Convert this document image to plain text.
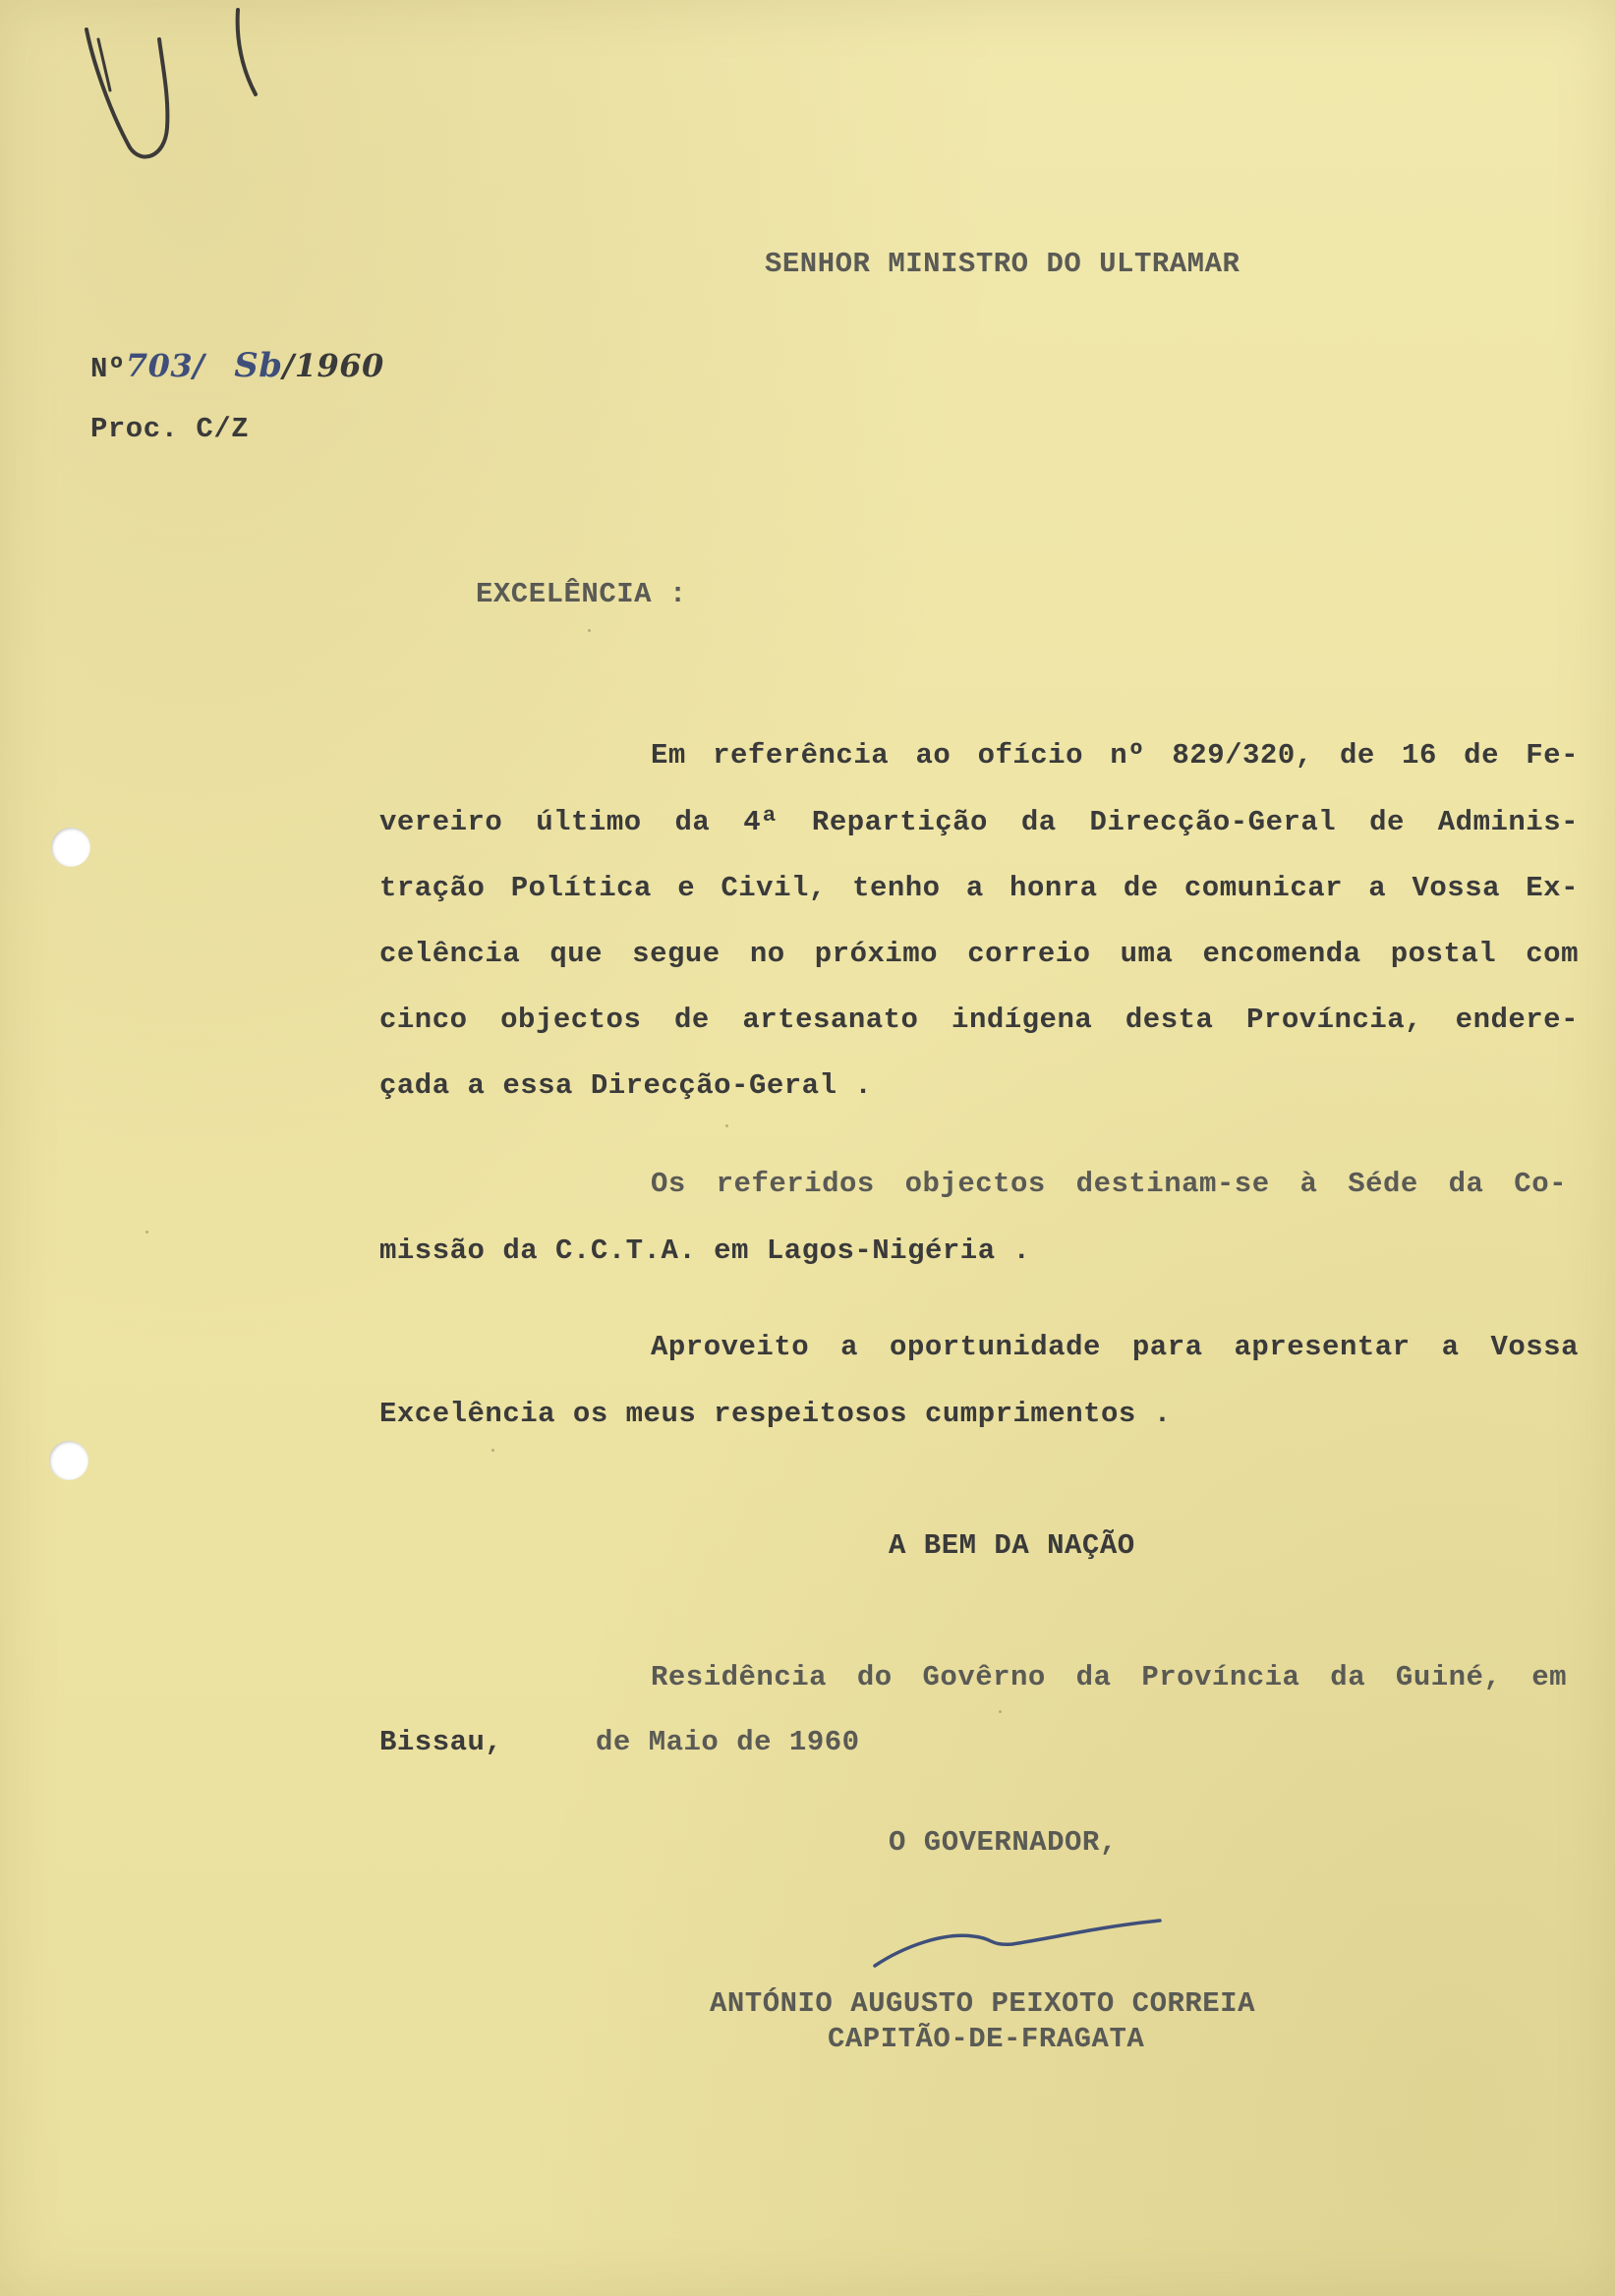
SENHOR MINISTRO DO ULTRAMAR
Nº703/ Sb/1960
Proc. C/Z
EXCELÊNCIA :
Em referência ao ofício nº 829/320, de 16 de Fe-
vereiro último da 4ª Repartição da Direcção-Geral de Adminis-
tração Política e Civil, tenho a honra de comunicar a Vossa Ex-
celência que segue no próximo correio uma encomenda postal com
cinco objectos de artesanato indígena desta Província, endere-
çada a essa Direcção-Geral .
Os referidos objectos destinam-se à Séde da Co-
missão da C.C.T.A. em Lagos-Nigéria .
Aproveito a oportunidade para apresentar a Vossa
Excelência os meus respeitosos cumprimentos .
A BEM DA NAÇÃO
Residência do Govêrno da Província da Guiné, em
Bissau,	de Maio de 1960
O GOVERNADOR,
ANTÓNIO AUGUSTO PEIXOTO CORREIA
CAPITÃO-DE-FRAGATA
